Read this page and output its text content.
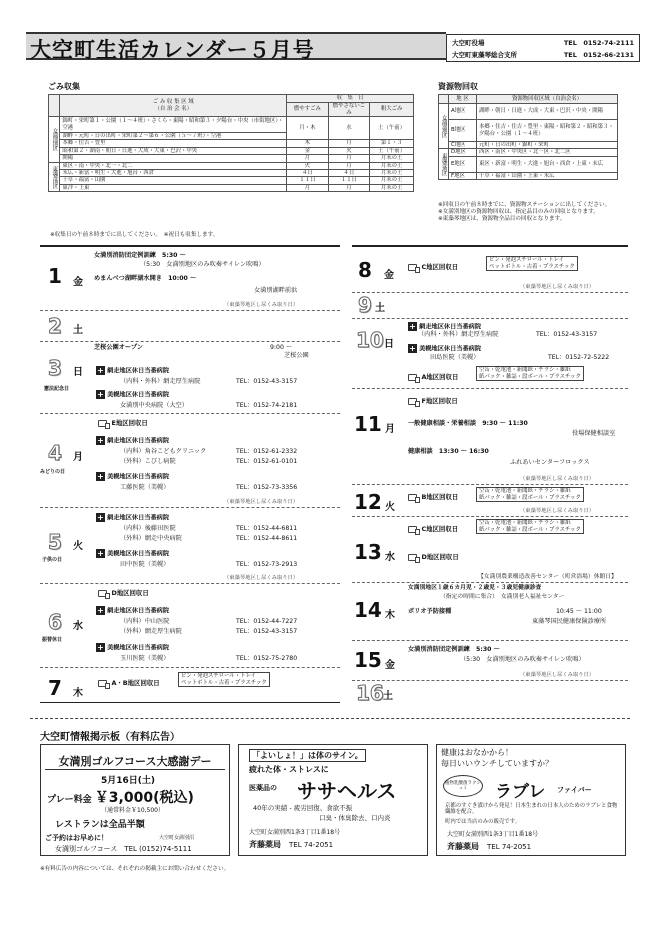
大空町生活カレンダー５月号	大空町役場	TEL　0152-74-2111
大空町東藻琴総合支所	TEL　0152-66-2131
ごみ収集

	ご み 収 集 区 域
（自 治 会 名）	収　集　日		
		燃やすごみ	燃やさないごみ	粗大ごみ
女満別地区	錦町・栄町第１・公園（１～４班）・さくら・東陽・昭和第３・夕陽台・中央（市街地区）・空港	月・木	水	土（午前）
	湖畔・元町・日の出町・栄町第２～第６・公園（５～７班）・空港			
	本郷・住吉・豊里	木	月	第１・３
	昭和第２・湖南・朝日・日進・大成・大東・巴沢・中央	金	火	土（午前）
	開陽	月	月	月末の土
東藻琴地区	東区・南・中央・北一・北二	火	月	月末の土
	末広・新富・明生・大進・旭台・西倉	４日	４日	月末の土
	千草・福富・山園	１１日	１１日	月末の土
	東洋・上東	月	月	月末の土
※収集日の午前８時までに出してください。　※祝日も収集します。
資源物回収
	地 区	資源物回収区域（自治会名）
女満別地区	A地区	湖畔・朝日・日進・大成・大東・巴沢・中央・開陽
	B地区	本郷・住吉・住吉・豊里・東陽・昭和第２・昭和第３・夕陽台・公園（１～４班）
	C地区	元町・日の出町・錦町・栄町
東藻琴地区	D地区	西区・南区・中央区・北一区・北二区
	E地区	東区・新富・明生・大進・旭台・西倉・上東・末広
	F地区	千草・福富・山園・上東・末広
※回収日の午前８時までに、資源物ステーションに出してください。
※女満別地区の資源物回収は、指定品目のみの回収となります。
※東藻琴地区は、資源物全品目の回収となります。
1 金
女満別消防団定例訓練　5:30 ～
（5:30　女満別地区のみ吹奏サイレン吹鳴）
めまんべつ湖畔湖水開き　10:00 ～
女満別湖畔前浜
（東藻琴地区し尿くみ取り日）
2 土
3 日
憲法記念日
芝桜公園オープン	9:00 ～
芝桜公園
+ 網走地区休日当番病院
（内科・外科）網走厚生病院	TEL：0152-43-3157
+ 美幌地区休日当番病院
女満別中央病院（大空）	TEL：0152-74-2181
E地区回収日
4 月
みどりの日
+ 網走地区休日当番病院
（内科）角谷こどもクリニック	TEL：0152-61-2332
（外科）こびし病院	TEL：0152-61-0101
+ 美幌地区休日当番病院
工藤医院（美幌）	TEL：0152-73-3356
（東藻琴地区し尿くみ取り日）
5 火
子供の日
+ 網走地区休日当番病院
（内科）後藤田医院	TEL：0152-44-6811
（外科）網走中央病院	TEL：0152-44-8611
+ 美幌地区休日当番病院
田中医院（美幌）	TEL：0152-73-2913
（東藻琴地区し尿くみ取り日）
D地区回収日
6 水
振替休日
+ 網走地区休日当番病院
（内科）中山医院	TEL：0152-44-7227
（外科）網走厚生病院	TEL：0152-43-3157
+ 美幌地区休日当番病院
玉川医院（美幌）	TEL：0152-75-2780
7 木
A・B地区回収日
ビン・発泡スチロール・トレイ
ペットボトル・古着・プラスチック
8 金
C地区回収日
ビン・発泡スチロール・トレイ
ペットボトル・古着・プラスチック
（東藻琴地区し尿くみ取り日）
9 土
10 日
+ 網走地区休日当番病院
（内科・外科）網走厚生病院	TEL：0152-43-3157
+ 美幌地区休日当番病院
田島医院（美幌）	TEL：0152-72-5222
A地区回収日
空缶・乾電池・新聞紙・チラシ・雑紙
紙パック・雑誌・段ボール・プラスチック
F地区回収日
11 月
一般健康相談・栄養相談　9:30 ～ 11:30
役場保健相談室
健康相談　13:30 ～ 16:30
ふれあいセンターフロックス
（東藻琴地区し尿くみ取り日）
12 火
B地区回収日
空缶・乾電池・新聞紙・チラシ・雑紙
紙パック・雑誌・段ボール・プラスチック
（東藻琴地区し尿くみ取り日）
C地区回収日
空缶・乾電池・新聞紙・チラシ・雑紙
紙パック・雑誌・段ボール・プラスチック
13 水	D地区回収日
【女満別農業構造改善センター（町営浴場）休館日】
女満別地区１歳６カ月児・２歳児・３歳児健康診査
（指定の時間に集合）　女満別老人福祉センター
14 木 ポリオ予防接種	10:45 ～ 11:00
東藻琴国民健康保険診療所
15 金
女満別消防団定例訓練　5:30 ～
（5:30　女満別地区のみ吹奏サイレン吹鳴）
（東藻琴地区し尿くみ取り日）
16 土
大空町情報掲示板（有料広告）
女満別ゴルフコース大感謝デー
5月16日(土)
プレー料金 ￥3,000(税込)
（通常料金￥10,500）
レストランは全品半額
ご予約はお早めに！	大空町女満別沼
女満別ゴルフコース　 TEL (0152)74-5111
「よいしょ！」は体のサイン。
疲れた体・ストレスに
医薬品の ササヘルス
40年の実績 - 疲労回復、食欲不振
口臭・体臭除去、口内炎
大空町女満別西1条3丁目1番18号
斉藤薬局　 TEL 74-2051
健康はおなかから！
毎日いいウンチしていますか？
植物乳酸菌ラクシュミ	ラブレ ファイバー
京都のすぐき漬けから発見！日本生まれの日本人のためのラブレと食物繊維を配合。
町内では当店のみの販売です。
大空町女満別西1条3丁目1番18号
斉藤薬局　 TEL 74-2051
※有料広告の内容については、それぞれの掲載主にお問い合わせください。
